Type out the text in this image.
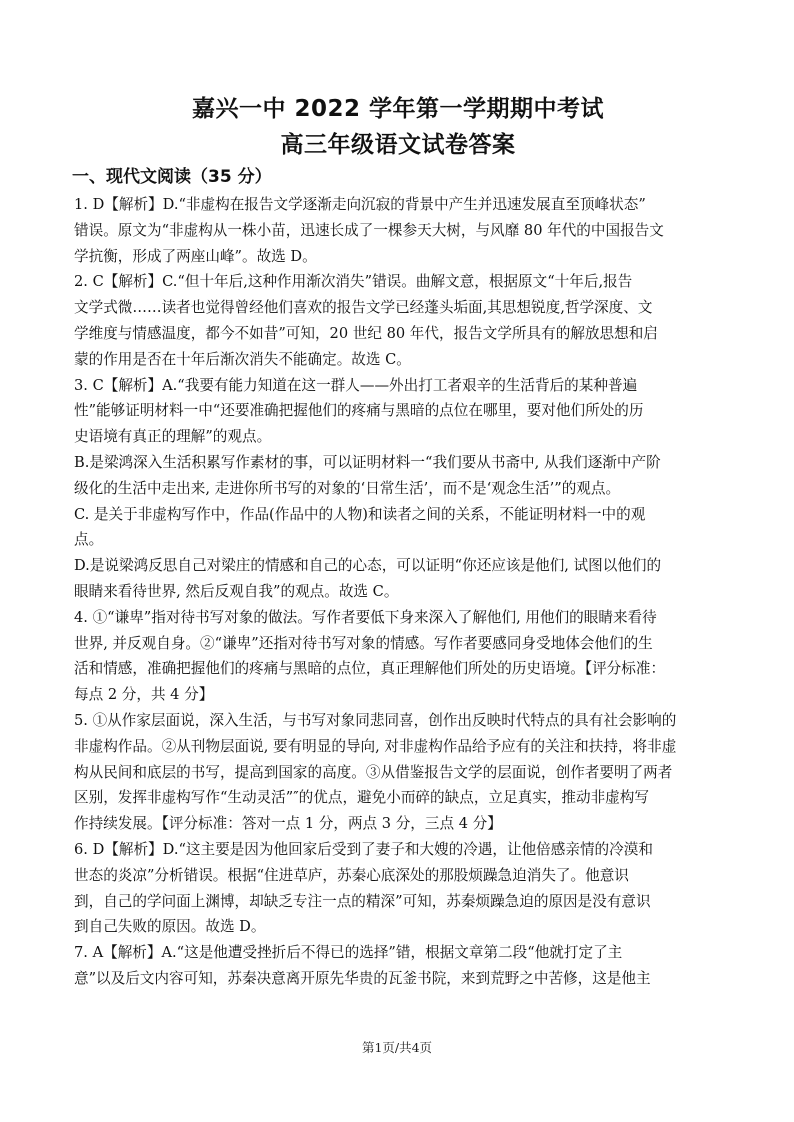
嘉兴一中 2022 学年第一学期期中考试
高三年级语文试卷答案
一、现代文阅读（35 分）
1. D【解析】D.“非虚构在报告文学逐渐走向沉寂的背景中产生并迅速发展直至顶峰状态”
错误。原文为“非虚构从一株小苗，迅速长成了一棵参天大树，与风靡 80 年代的中国报告文
学抗衡，形成了两座山峰”。故选 D。
2. C【解析】C.“但十年后,这种作用渐次消失”错误。曲解文意，根据原文“十年后,报告
文学式微……读者也觉得曾经他们喜欢的报告文学已经蓬头垢面,其思想锐度,哲学深度、文
学维度与情感温度，都今不如昔”可知，20 世纪 80 年代，报告文学所具有的解放思想和启
蒙的作用是否在十年后渐次消失不能确定。故选 C。
3. C【解析】A.“我要有能力知道在这一群人——外出打工者艰辛的生活背后的某种普遍
性”能够证明材料一中“还要准确把握他们的疼痛与黑暗的点位在哪里，要对他们所处的历
史语境有真正的理解”的观点。
B.是梁鸿深入生活积累写作素材的事，可以证明材料一“我们要从书斋中, 从我们逐渐中产阶
级化的生活中走出来, 走进你所书写的对象的‘日常生活’，而不是‘观念生活’”的观点。
C. 是关于非虚构写作中，作品(作品中的人物)和读者之间的关系，不能证明材料一中的观
点。
D.是说梁鸿反思自己对梁庄的情感和自己的心态，可以证明“你还应该是他们, 试图以他们的
眼睛来看待世界, 然后反观自我”的观点。故选 C。
4. ①“谦卑”指对待书写对象的做法。写作者要低下身来深入了解他们, 用他们的眼睛来看待
世界, 并反观自身。②“谦卑”还指对待书写对象的情感。写作者要感同身受地体会他们的生
活和情感，准确把握他们的疼痛与黑暗的点位，真正理解他们所处的历史语境。【评分标准：
每点 2 分，共 4 分】
5. ①从作家层面说，深入生活，与书写对象同悲同喜，创作出反映时代特点的具有社会影响的
非虚构作品。②从刊物层面说, 要有明显的导向, 对非虚构作品给予应有的关注和扶持，将非虚
构从民间和底层的书写，提高到国家的高度。③从借鉴报告文学的层面说，创作者要明了两者
区别，发挥非虚构写作“生动灵活”″的优点，避免小而碎的缺点，立足真实，推动非虚构写
作持续发展。【评分标准：答对一点 1 分，两点 3 分，三点 4 分】
6. D【解析】D.“这主要是因为他回家后受到了妻子和大嫂的冷遇，让他倍感亲情的冷漠和
世态的炎凉”分析错误。根据“住进草庐，苏秦心底深处的那股烦躁急迫消失了。他意识
到，自己的学问面上渊博，却缺乏专注一点的精深”可知，苏秦烦躁急迫的原因是没有意识
到自己失败的原因。故选 D。
7. A【解析】A.“这是他遭受挫折后不得已的选择”错，根据文章第二段“他就打定了主
意”以及后文内容可知，苏秦决意离开原先华贵的瓦釜书院，来到荒野之中苦修，这是他主
第1页/共4页
